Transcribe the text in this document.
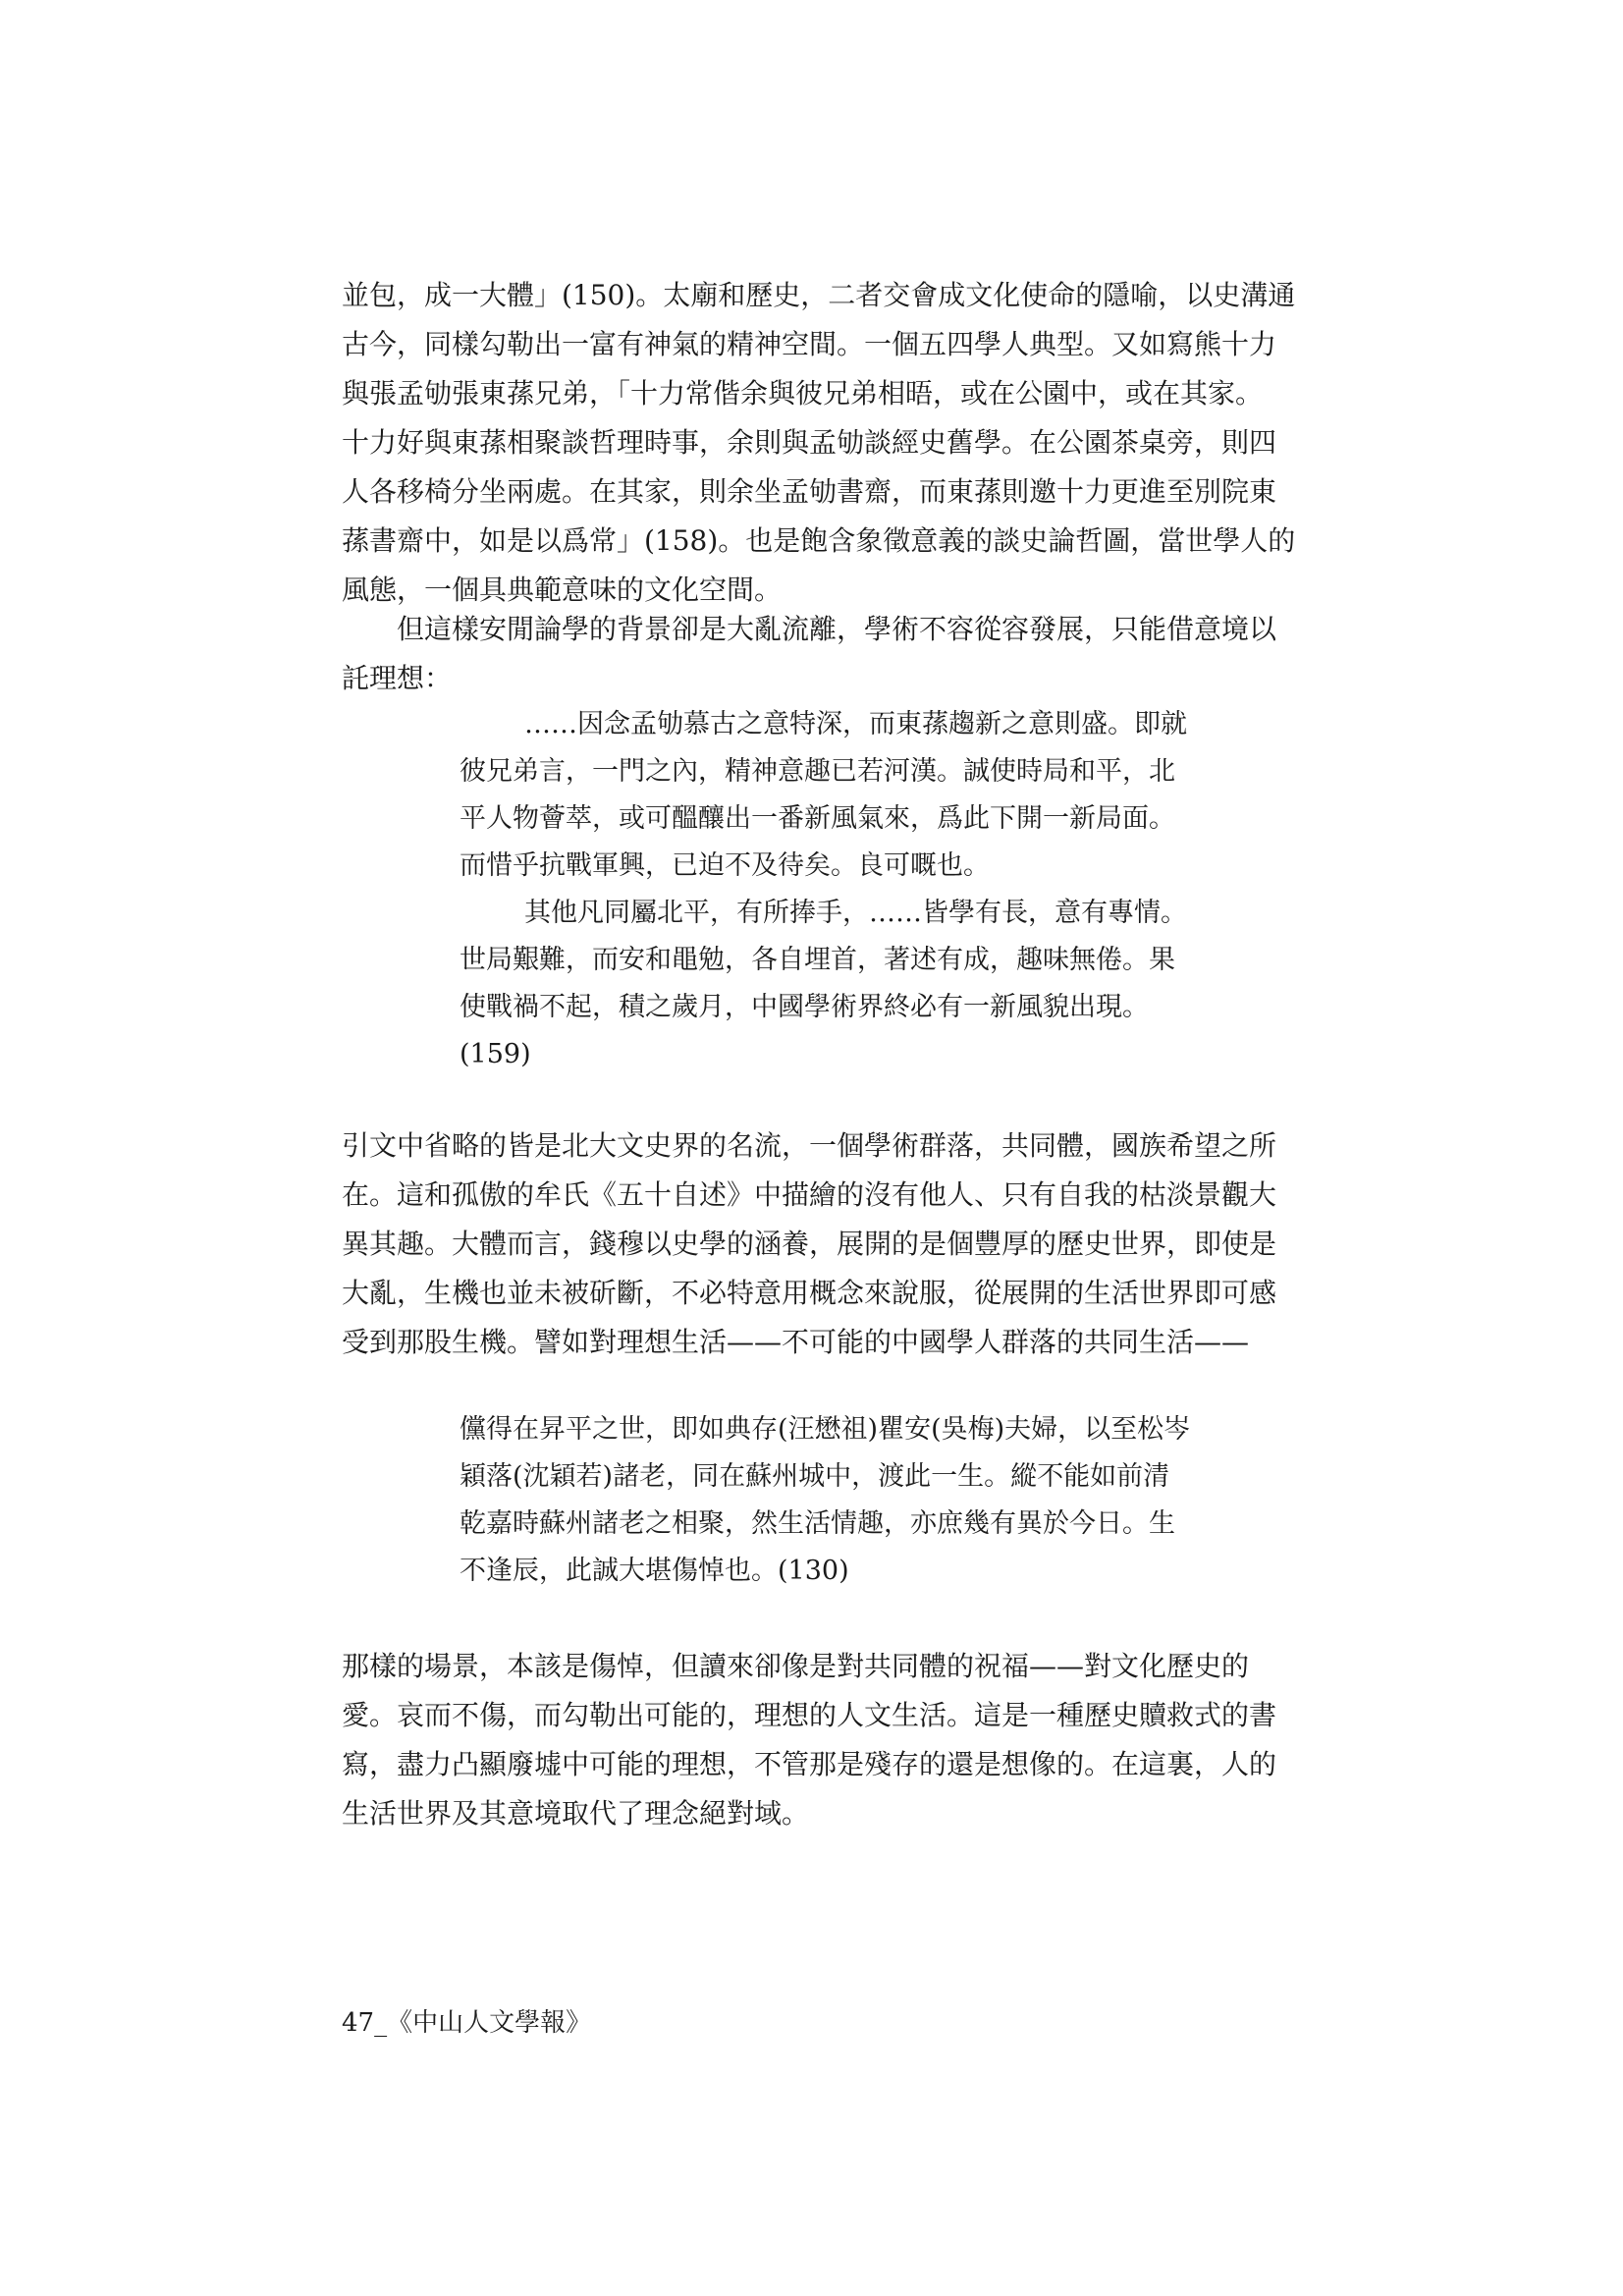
並包，成一大體」(150)。太廟和歷史，二者交會成文化使命的隱喻，以史溝通
古今，同樣勾勒出一富有神氣的精神空間。一個五四學人典型。又如寫熊十力
與張孟劬張東蓀兄弟，「十力常偕余與彼兄弟相晤，或在公園中，或在其家。
十力好與東蓀相聚談哲理時事，余則與孟劬談經史舊學。在公園茶桌旁，則四
人各移椅分坐兩處。在其家，則余坐孟劬書齋，而東蓀則邀十力更進至別院東
蓀書齋中，如是以爲常」(158)。也是飽含象徵意義的談史論哲圖，當世學人的
風態，一個具典範意味的文化空間。
但這樣安閒論學的背景卻是大亂流離，學術不容從容發展，只能借意境以
託理想：
……因念孟劬慕古之意特深，而東蓀趨新之意則盛。即就
彼兄弟言，一門之內，精神意趣已若河漢。誠使時局和平，北
平人物薈萃，或可醞釀出一番新風氣來，爲此下開一新局面。
而惜乎抗戰軍興，已迫不及待矣。良可嘅也。
其他凡同屬北平，有所捧手，……皆學有長，意有專情。
世局艱難，而安和黽勉，各自埋首，著述有成，趣味無倦。果
使戰禍不起，積之歲月，中國學術界終必有一新風貌出現。
(159)
引文中省略的皆是北大文史界的名流，一個學術群落，共同體，國族希望之所
在。這和孤傲的牟氏《五十自述》中描繪的沒有他人、只有自我的枯淡景觀大
異其趣。大體而言，錢穆以史學的涵養，展開的是個豐厚的歷史世界，即使是
大亂，生機也並未被斫斷，不必特意用概念來說服，從展開的生活世界即可感
受到那股生機。譬如對理想生活——不可能的中國學人群落的共同生活——
儻得在昇平之世，即如典存(汪懋祖)瞿安(吳梅)夫婦，以至松岑
穎落(沈穎若)諸老，同在蘇州城中，渡此一生。縱不能如前清
乾嘉時蘇州諸老之相聚，然生活情趣，亦庶幾有異於今日。生
不逢辰，此誠大堪傷悼也。(130)
那樣的場景，本該是傷悼，但讀來卻像是對共同體的祝福——對文化歷史的
愛。哀而不傷，而勾勒出可能的，理想的人文生活。這是一種歷史贖救式的書
寫，盡力凸顯廢墟中可能的理想，不管那是殘存的還是想像的。在這裏，人的
生活世界及其意境取代了理念絕對域。
47_《中山人文學報》
